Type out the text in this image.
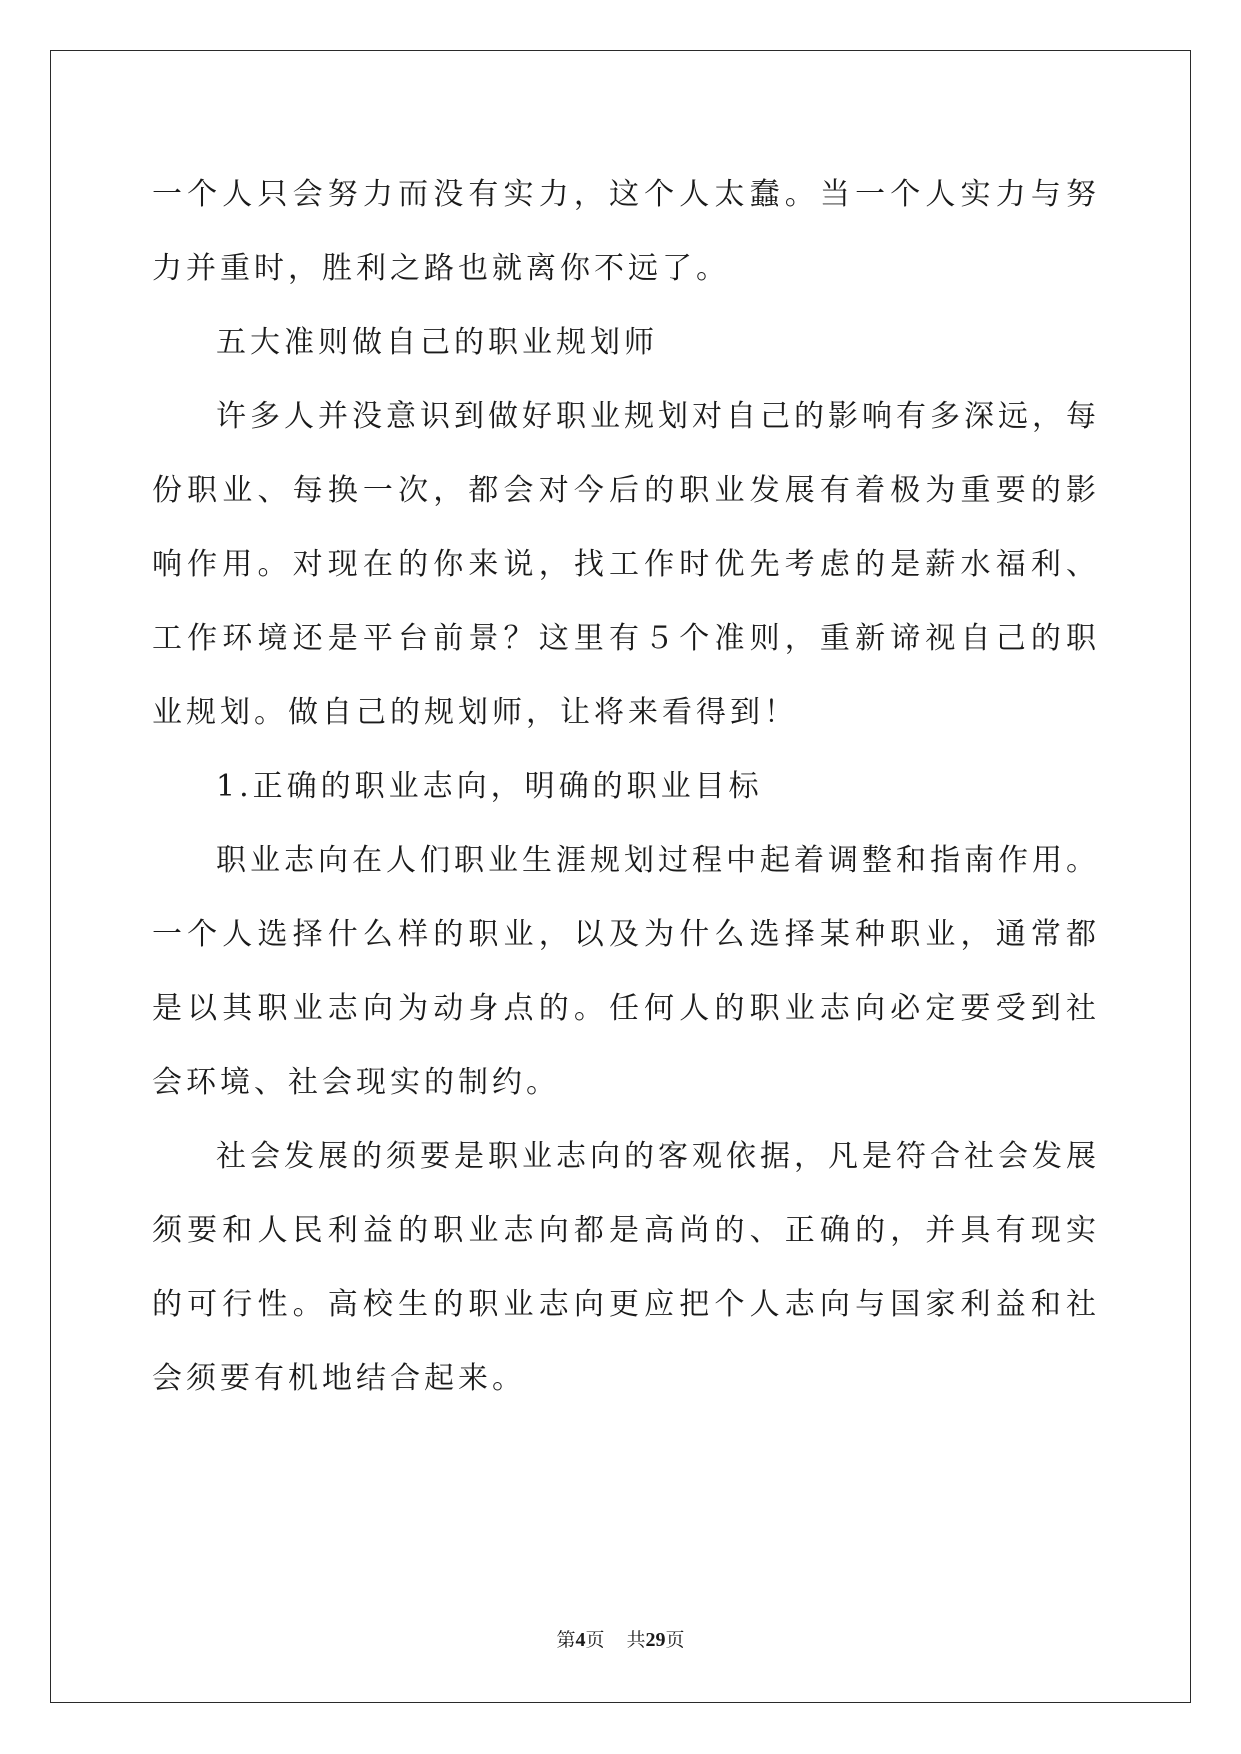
一个人只会努力而没有实力，这个人太蠢。当一个人实力与努力并重时，胜利之路也就离你不远了。

五大准则做自己的职业规划师

许多人并没意识到做好职业规划对自己的影响有多深远，每份职业、每换一次，都会对今后的职业发展有着极为重要的影响作用。对现在的你来说，找工作时优先考虑的是薪水福利、工作环境还是平台前景？这里有５个准则，重新谛视自己的职业规划。做自己的规划师，让将来看得到！

1.正确的职业志向，明确的职业目标

职业志向在人们职业生涯规划过程中起着调整和指南作用。一个人选择什么样的职业，以及为什么选择某种职业，通常都是以其职业志向为动身点的。任何人的职业志向必定要受到社会环境、社会现实的制约。

社会发展的须要是职业志向的客观依据，凡是符合社会发展须要和人民利益的职业志向都是高尚的、正确的，并具有现实的可行性。高校生的职业志向更应把个人志向与国家利益和社会须要有机地结合起来。

第4页 共29页
